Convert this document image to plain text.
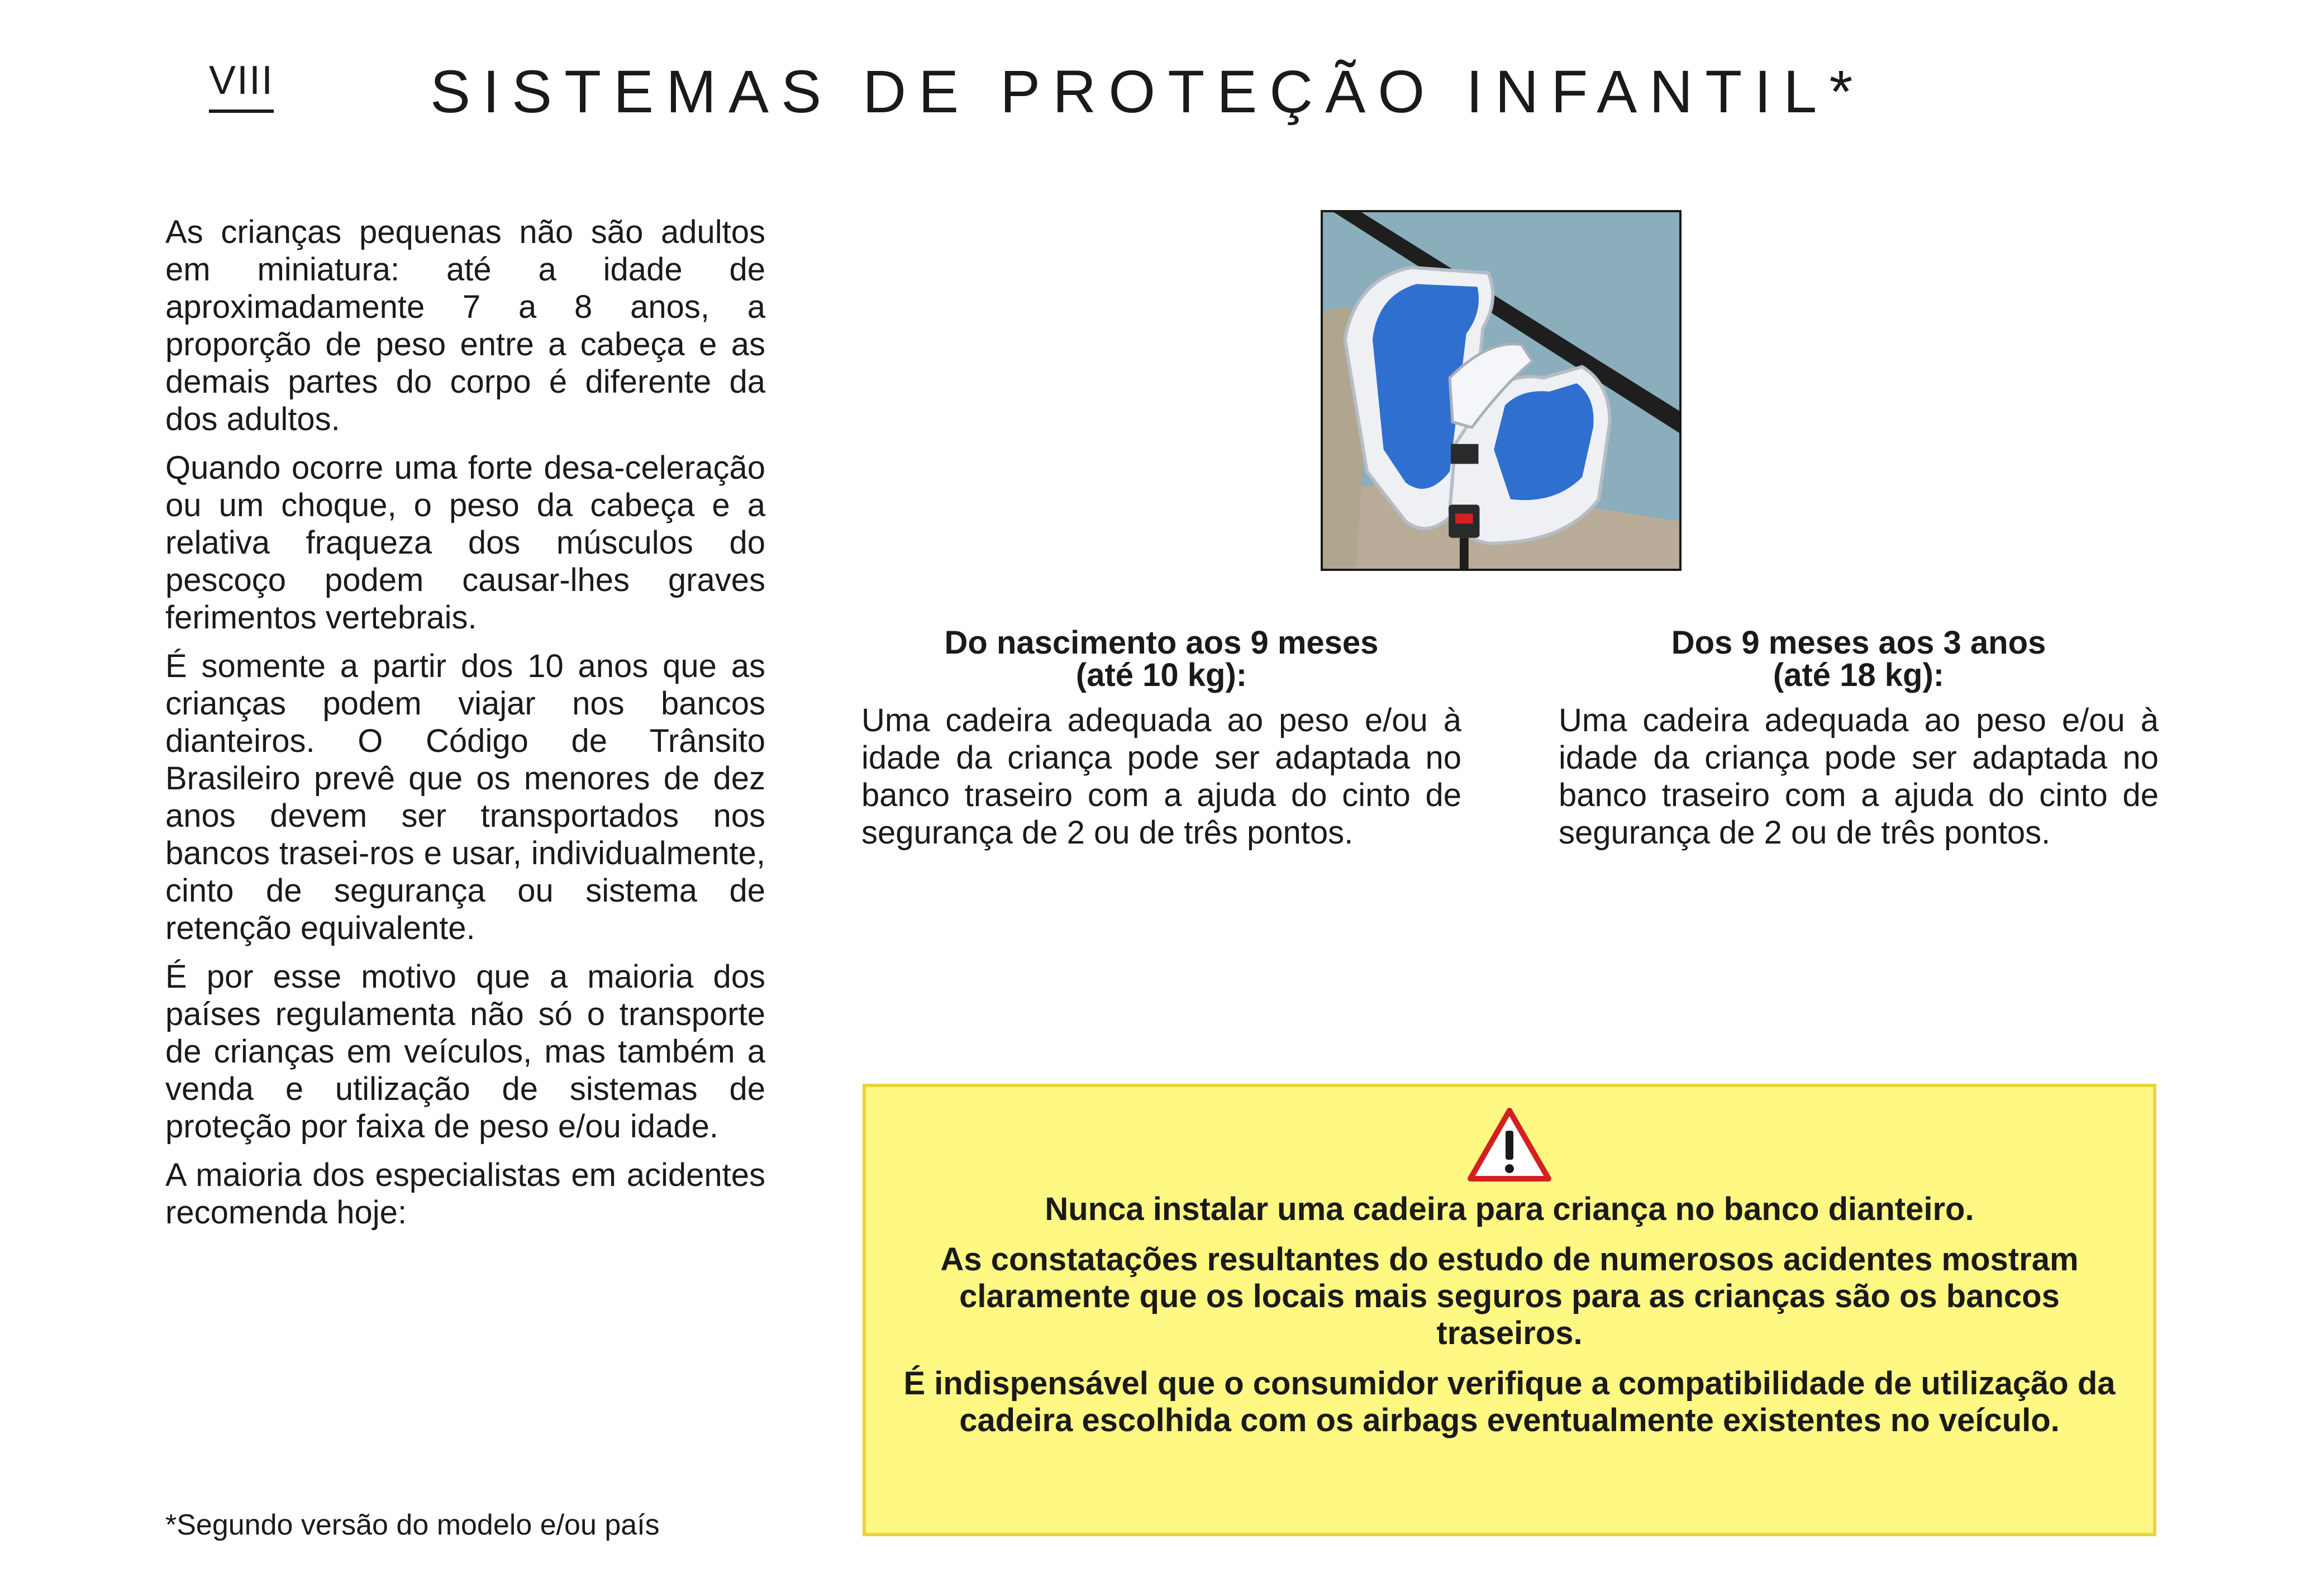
VIII	SISTEMAS DE PROTEÇÃO INFANTIL*

As crianças pequenas não são adultos em miniatura: até a idade de aproximadamente 7 a 8 anos, a proporção de peso entre a cabeça e as demais partes do corpo é diferente da dos adultos.

Quando ocorre uma forte desa-celeração ou um choque, o peso da cabeça e a relativa fraqueza dos músculos do pescoço podem causar-lhes graves ferimentos vertebrais.

É somente a partir dos 10 anos que as crianças podem viajar nos bancos dianteiros. O Código de Trânsito Brasileiro prevê que os menores de dez anos devem ser transportados nos bancos trasei-ros e usar, individualmente, cinto de segurança ou sistema de retenção equivalente.

É por esse motivo que a maioria dos países regulamenta não só o transporte de crianças em veículos, mas também a venda e utilização de sistemas de proteção por faixa de peso e/ou idade.

A maioria dos especialistas em acidentes recomenda hoje:

*Segundo versão do modelo e/ou país
Do nascimento aos 9 meses
(até 10 kg):

Uma cadeira adequada ao peso e/ou à idade da criança pode ser adaptada no banco traseiro com a ajuda do cinto de segurança de 2 ou de três pontos.

Dos 9 meses aos 3 anos
(até 18 kg):

Uma cadeira adequada ao peso e/ou à idade da criança pode ser adaptada no banco traseiro com a ajuda do cinto de segurança de 2 ou de três pontos.

Nunca instalar uma cadeira para criança no banco dianteiro.

As constatações resultantes do estudo de numerosos acidentes mostram claramente que os locais mais seguros para as crianças são os bancos traseiros.

É indispensável que o consumidor verifique a compatibilidade de utilização da cadeira escolhida com os airbags eventualmente existentes no veículo.
